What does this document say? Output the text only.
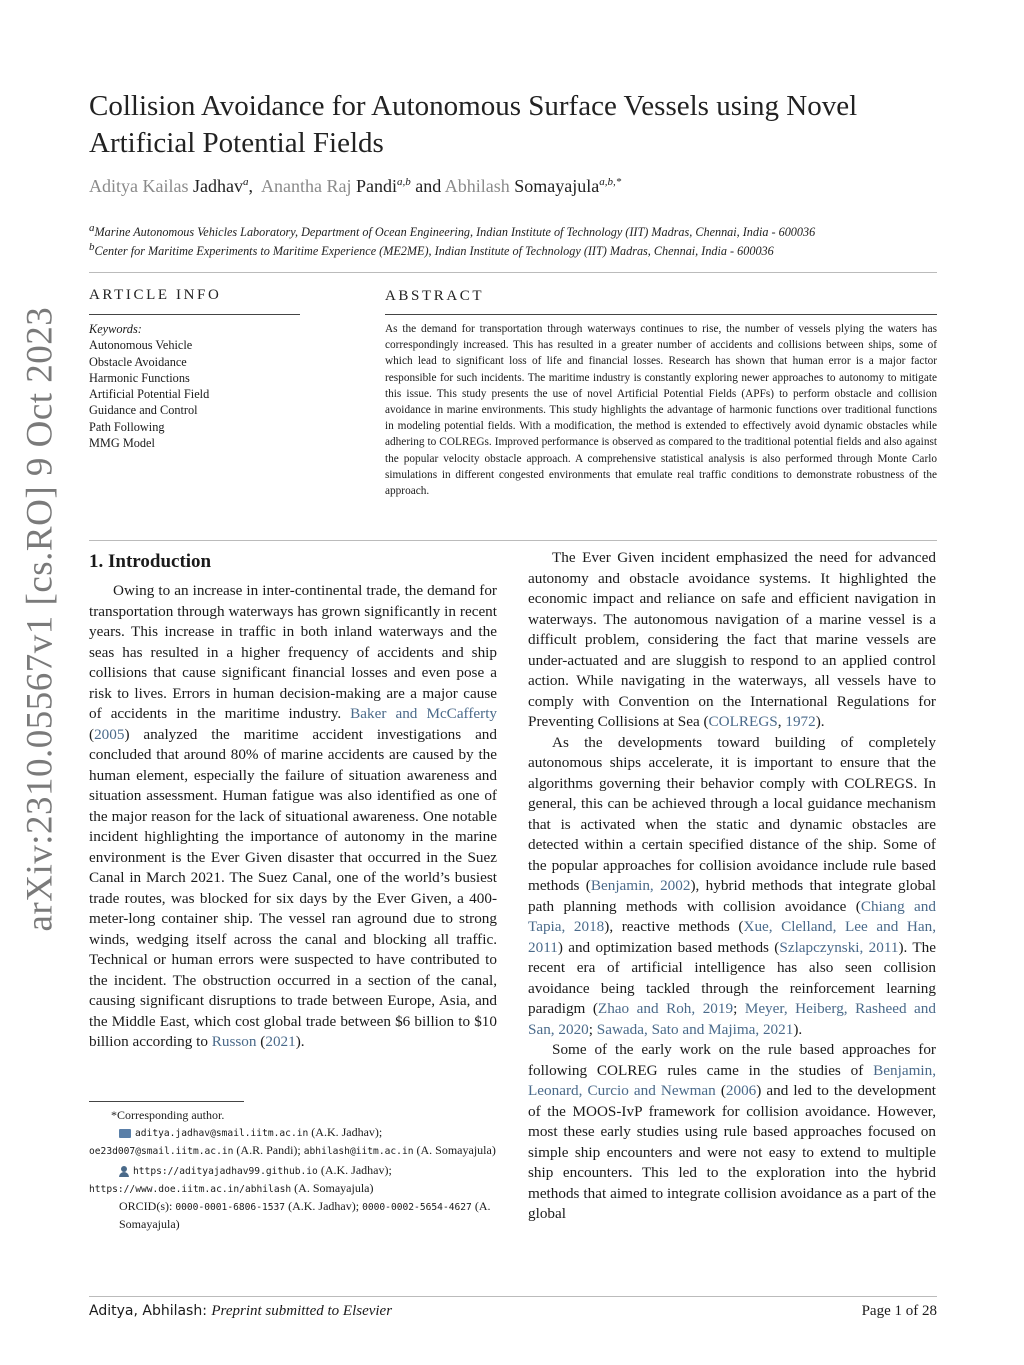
arXiv:2310.05567v1 [cs.RO] 9 Oct 2023
Collision Avoidance for Autonomous Surface Vessels using Novel Artificial Potential Fields
Aditya Kailas Jadhav$^a$,  Anantha Raj Pandi$^{a,b}$ and Abhilash Somayajula$^{a,b,*}$
$^a$Marine Autonomous Vehicles Laboratory, Department of Ocean Engineering, Indian Institute of Technology (IIT) Madras, Chennai, India - 600036
$^b$Center for Maritime Experiments to Maritime Experience (ME2ME), Indian Institute of Technology (IIT) Madras, Chennai, India - 600036
ARTICLE INFO	ABSTRACT
Keywords:
Autonomous Vehicle
Obstacle Avoidance
Harmonic Functions
Artificial Potential Field
Guidance and Control
Path Following
MMG Model
As the demand for transportation through waterways continues to rise, the number of vessels plying the waters has correspondingly increased. This has resulted in a greater number of accidents and collisions between ships, some of which lead to significant loss of life and financial losses. Research has shown that human error is a major factor responsible for such incidents. The maritime industry is constantly exploring newer approaches to autonomy to mitigate this issue. This study presents the use of novel Artificial Potential Fields (APFs) to perform obstacle and collision avoidance in marine environments. This study highlights the advantage of harmonic functions over traditional functions in modeling potential fields. With a modification, the method is extended to effectively avoid dynamic obstacles while adhering to COLREGs. Improved performance is observed as compared to the traditional potential fields and also against the popular velocity obstacle approach. A comprehensive statistical analysis is also performed through Monte Carlo simulations in different congested environments that emulate real traffic conditions to demonstrate robustness of the approach.
1. Introduction

Owing to an increase in inter-continental trade, the demand for transportation through waterways has grown significantly in recent years. This increase in traffic in both inland waterways and the seas has resulted in a higher frequency of accidents and ship collisions that cause significant financial losses and even pose a risk to lives. Errors in human decision-making are a major cause of accidents in the maritime industry. Baker and McCafferty (2005) analyzed the maritime accident investigations and concluded that around 80% of marine accidents are caused by the human element, especially the failure of situation awareness and situation assessment. Human fatigue was also identified as one of the major reason for the lack of situational awareness. One notable incident highlighting the importance of autonomy in the marine environment is the Ever Given disaster that occurred in the Suez Canal in March 2021. The Suez Canal, one of the world’s busiest trade routes, was blocked for six days by the Ever Given, a 400-meter-long container ship. The vessel ran aground due to strong winds, wedging itself across the canal and blocking all traffic. Technical or human errors were suspected to have contributed to the incident. The obstruction occurred in a section of the canal, causing significant disruptions to trade between Europe, Asia, and the Middle East, which cost global trade between $6 billion to $10 billion according to Russon (2021).

The Ever Given incident emphasized the need for advanced autonomy and obstacle avoidance systems. It highlighted the economic impact and reliance on safe and efficient navigation in waterways. The autonomous navigation of a marine vessel is a difficult problem, considering the fact that marine vessels are under-actuated and are sluggish to respond to an applied control action. While navigating in the waterways, all vessels have to comply with Convention on the International Regulations for Preventing Collisions at Sea (COLREGS, 1972).

As the developments toward building of completely autonomous ships accelerate, it is important to ensure that the algorithms governing their behavior comply with COLREGS. In general, this can be achieved through a local guidance mechanism that is activated when the static and dynamic obstacles are detected within a certain specified distance of the ship. Some of the popular approaches for collision avoidance include rule based methods (Benjamin, 2002), hybrid methods that integrate global path planning methods with collision avoidance (Chiang and Tapia, 2018), reactive methods (Xue, Clelland, Lee and Han, 2011) and optimization based methods (Szlapczynski, 2011). The recent era of artificial intelligence has also seen collision avoidance being tackled through the reinforcement learning paradigm (Zhao and Roh, 2019; Meyer, Heiberg, Rasheed and San, 2020; Sawada, Sato and Majima, 2021).

Some of the early work on the rule based approaches for following COLREG rules came in the studies of Benjamin, Leonard, Curcio and Newman (2006) and led to the development of the MOOS-IvP framework for collision avoidance. However, most these early studies using rule based approaches focused on simple ship encounters and were not easy to extend to multiple ship encounters. This led to the exploration into the hybrid methods that aimed to integrate collision avoidance as a part of the global

*Corresponding author.
aditya.jadhav@smail.iitm.ac.in (A.K. Jadhav);
oe23d007@smail.iitm.ac.in (A.R. Pandi); abhilash@iitm.ac.in (A. Somayajula)
https://adityajadhav99.github.io (A.K. Jadhav);
https://www.doe.iitm.ac.in/abhilash (A. Somayajula)
ORCID(s): 0000-0001-6806-1537 (A.K. Jadhav); 0000-0002-5654-4627 (A. Somayajula)
Aditya, Abhilash: Preprint submitted to Elsevier	Page 1 of 28
